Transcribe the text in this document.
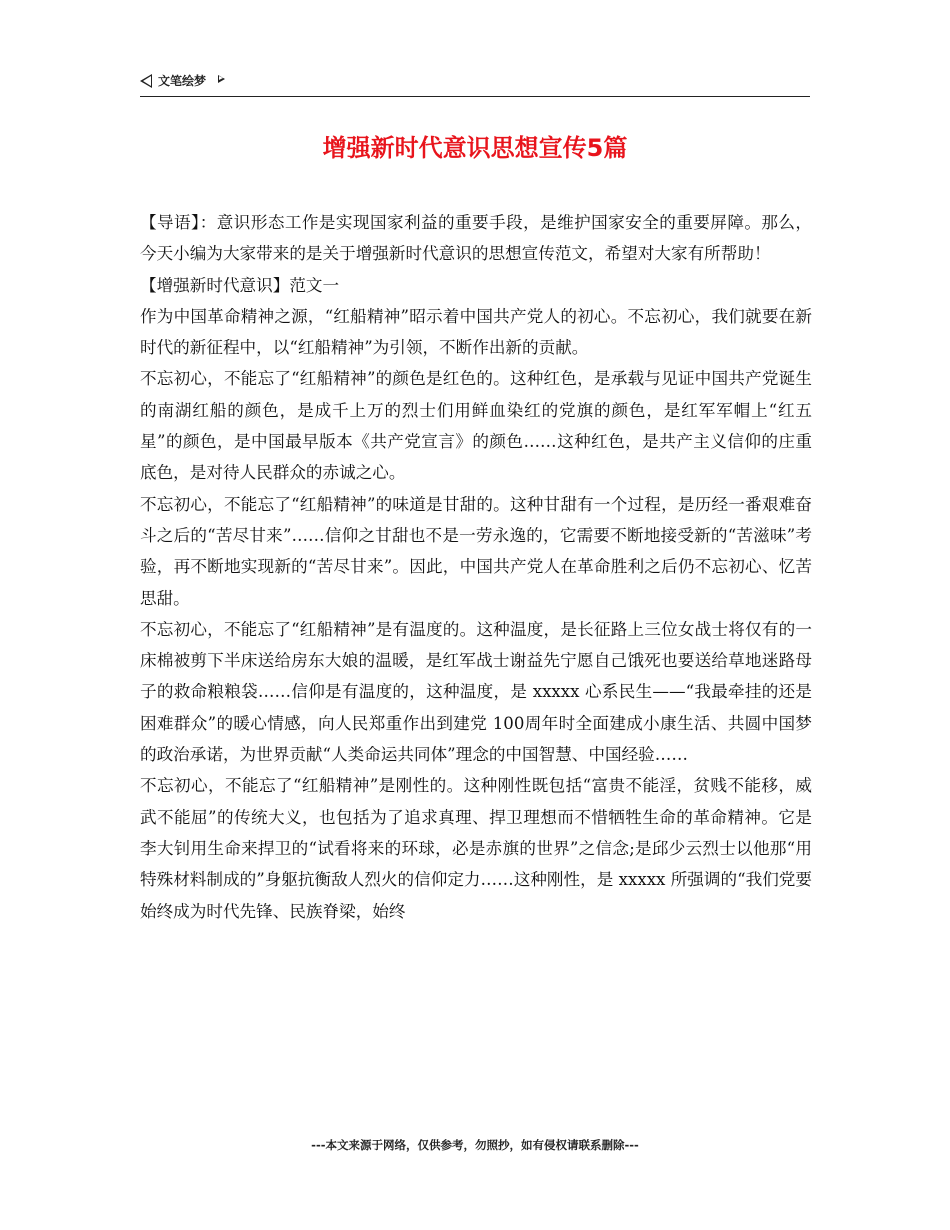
文笔绘梦
增强新时代意识思想宣传5篇

【导语】：意识形态工作是实现国家利益的重要手段，是维护国家安全的重要屏障。那么，今天小编为大家带来的是关于增强新时代意识的思想宣传范文，希望对大家有所帮助！

【增强新时代意识】范文一

作为中国革命精神之源，“红船精神”昭示着中国共产党人的初心。不忘初心，我们就要在新时代的新征程中，以“红船精神”为引领，不断作出新的贡献。

不忘初心，不能忘了“红船精神”的颜色是红色的。这种红色，是承载与见证中国共产党诞生的南湖红船的颜色，是成千上万的烈士们用鲜血染红的党旗的颜色，是红军军帽上“红五星”的颜色，是中国最早版本《共产党宣言》的颜色……这种红色，是共产主义信仰的庄重底色，是对待人民群众的赤诚之心。

不忘初心，不能忘了“红船精神”的味道是甘甜的。这种甘甜有一个过程，是历经一番艰难奋斗之后的“苦尽甘来”……信仰之甘甜也不是一劳永逸的，它需要不断地接受新的“苦滋味”考验，再不断地实现新的“苦尽甘来”。因此，中国共产党人在革命胜利之后仍不忘初心、忆苦思甜。

不忘初心，不能忘了“红船精神”是有温度的。这种温度，是长征路上三位女战士将仅有的一床棉被剪下半床送给房东大娘的温暖，是红军战士谢益先宁愿自己饿死也要送给草地迷路母子的救命粮粮袋……信仰是有温度的，这种温度，是 xxxxx 心系民生——“我最牵挂的还是困难群众”的暖心情感，向人民郑重作出到建党 100周年时全面建成小康生活、共圆中国梦的政治承诺，为世界贡献“人类命运共同体”理念的中国智慧、中国经验……

不忘初心，不能忘了“红船精神”是刚性的。这种刚性既包括“富贵不能淫，贫贱不能移，威武不能屈”的传统大义，也包括为了追求真理、捍卫理想而不惜牺牲生命的革命精神。它是李大钊用生命来捍卫的“试看将来的环球，必是赤旗的世界”之信念;是邱少云烈士以他那“用特殊材料制成的”身躯抗衡敌人烈火的信仰定力……这种刚性，是 xxxxx 所强调的“我们党要始终成为时代先锋、民族脊梁，始终

---本文来源于网络，仅供参考，勿照抄，如有侵权请联系删除---
